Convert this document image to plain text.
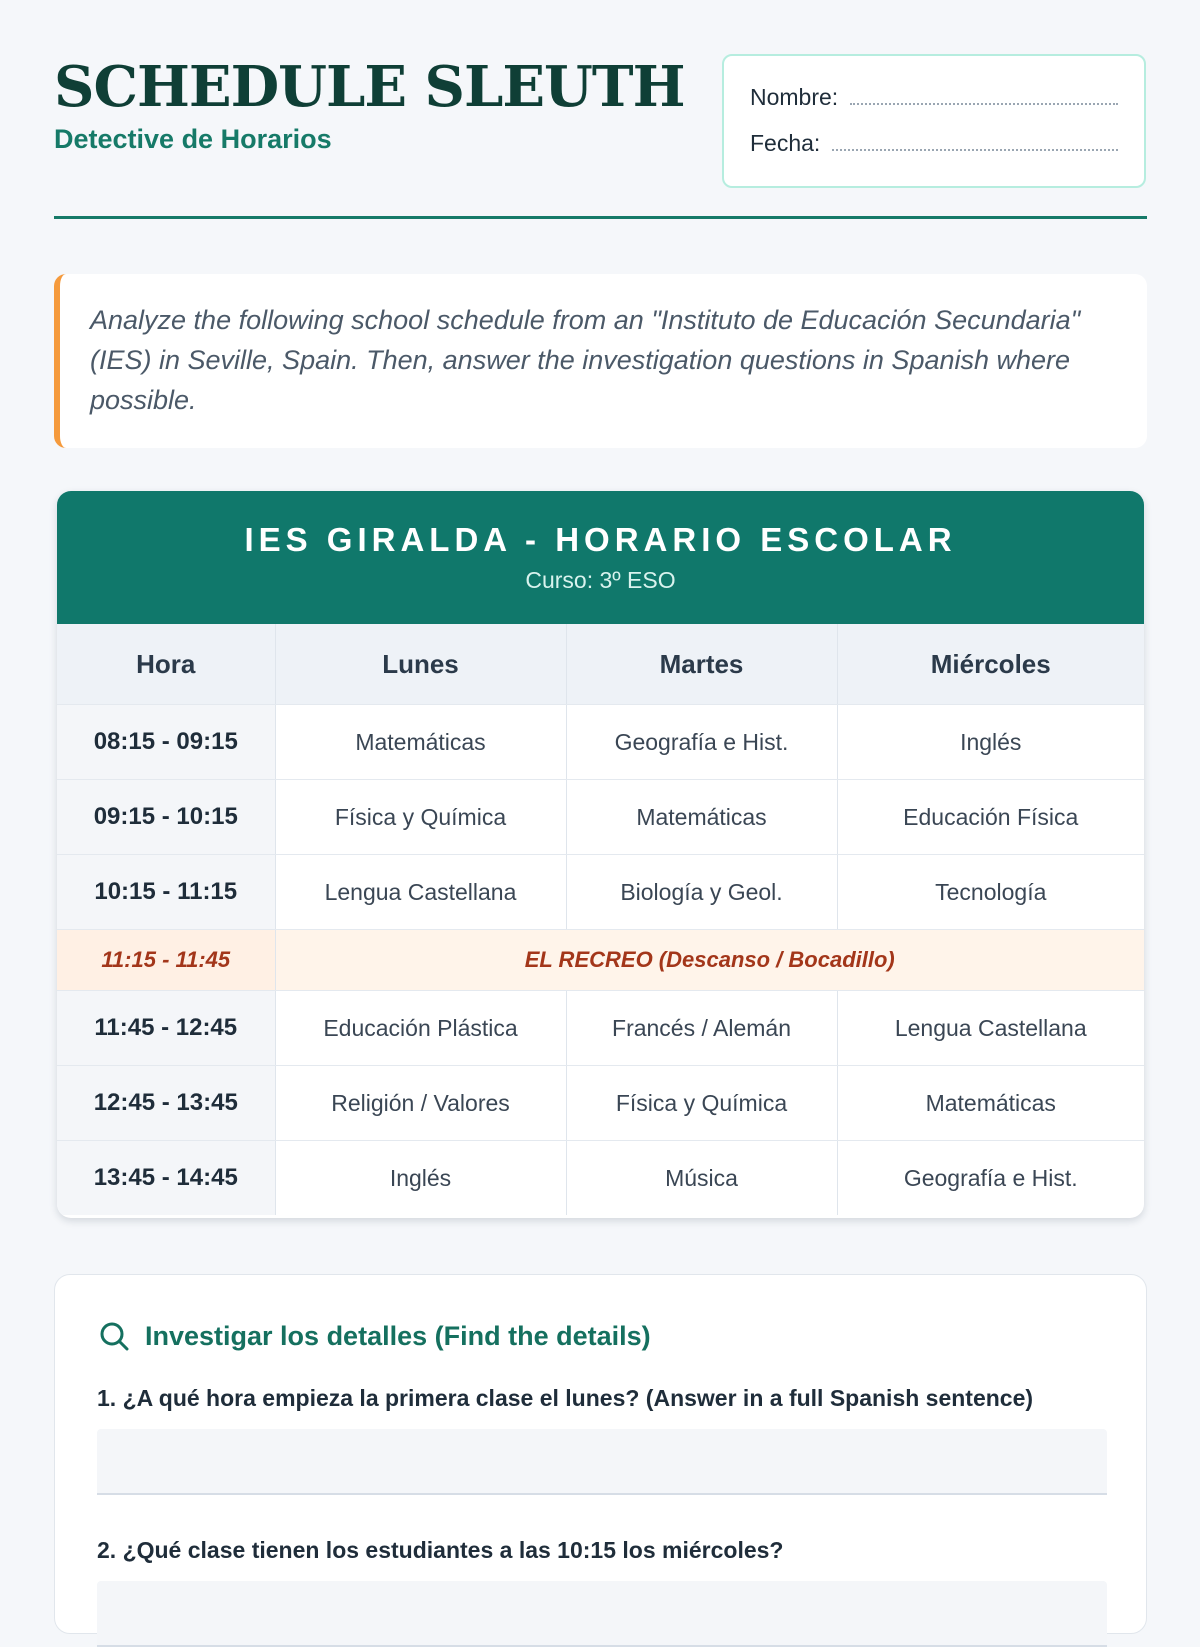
SCHEDULE SLEUTH
Detective de Horarios
Nombre:
Fecha:
Analyze the following school schedule from an "Instituto de Educación Secundaria" (IES) in Seville, Spain. Then, answer the investigation questions in Spanish where possible.
IES GIRALDA - HORARIO ESCOLAR
Curso: 3º ESO
Hora	Lunes	Martes	Miércoles
08:15 - 09:15	Matemáticas	Geografía e Hist.	Inglés
09:15 - 10:15	Física y Química	Matemáticas	Educación Física
10:15 - 11:15	Lengua Castellana	Biología y Geol.	Tecnología
11:15 - 11:45	EL RECREO (Descanso / Bocadillo)		
11:45 - 12:45	Educación Plástica	Francés / Alemán	Lengua Castellana
12:45 - 13:45	Religión / Valores	Física y Química	Matemáticas
13:45 - 14:45	Inglés	Música	Geografía e Hist.
Investigar los detalles (Find the details)
1. ¿A qué hora empieza la primera clase el lunes? (Answer in a full Spanish sentence)
2. ¿Qué clase tienen los estudiantes a las 10:15 los miércoles?
